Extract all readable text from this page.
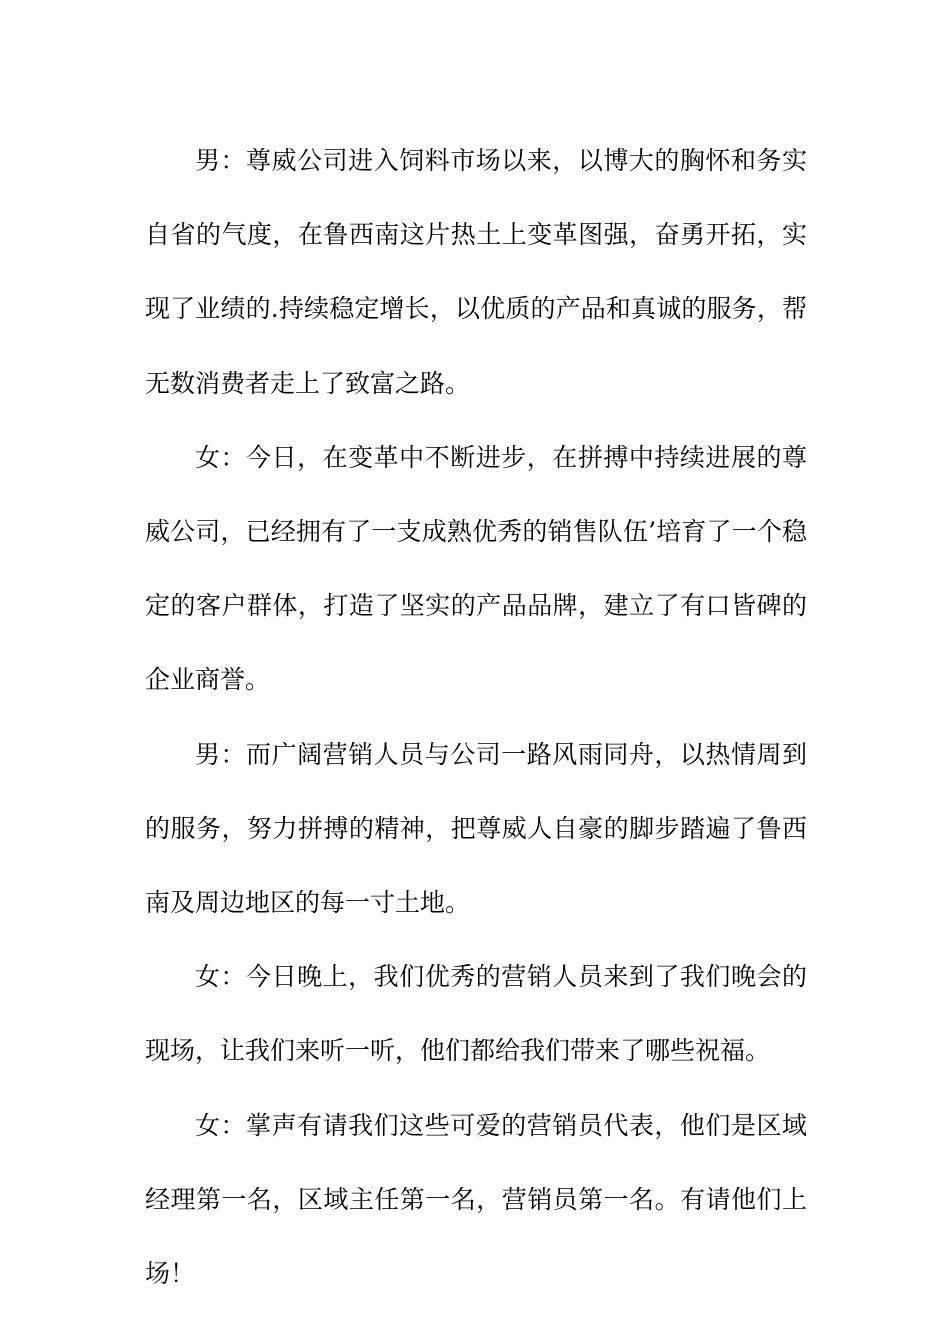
男：尊威公司进入饲料市场以来，以博大的胸怀和务实自省的气度，在鲁西南这片热土上变革图强，奋勇开拓，实现了业绩的.持续稳定增长，以优质的产品和真诚的服务，帮无数消费者走上了致富之路。

女：今日，在变革中不断进步，在拼搏中持续进展的尊威公司，已经拥有了一支成熟优秀的销售队伍’培育了一个稳定的客户群体，打造了坚实的产品品牌，建立了有口皆碑的企业商誉。

男：而广阔营销人员与公司一路风雨同舟，以热情周到的服务，努力拼搏的精神，把尊威人自豪的脚步踏遍了鲁西南及周边地区的每一寸土地。

女：今日晚上，我们优秀的营销人员来到了我们晚会的现场，让我们来听一听，他们都给我们带来了哪些祝福。

女：掌声有请我们这些可爱的营销员代表，他们是区域经理第一名，区域主任第一名，营销员第一名。有请他们上场！
